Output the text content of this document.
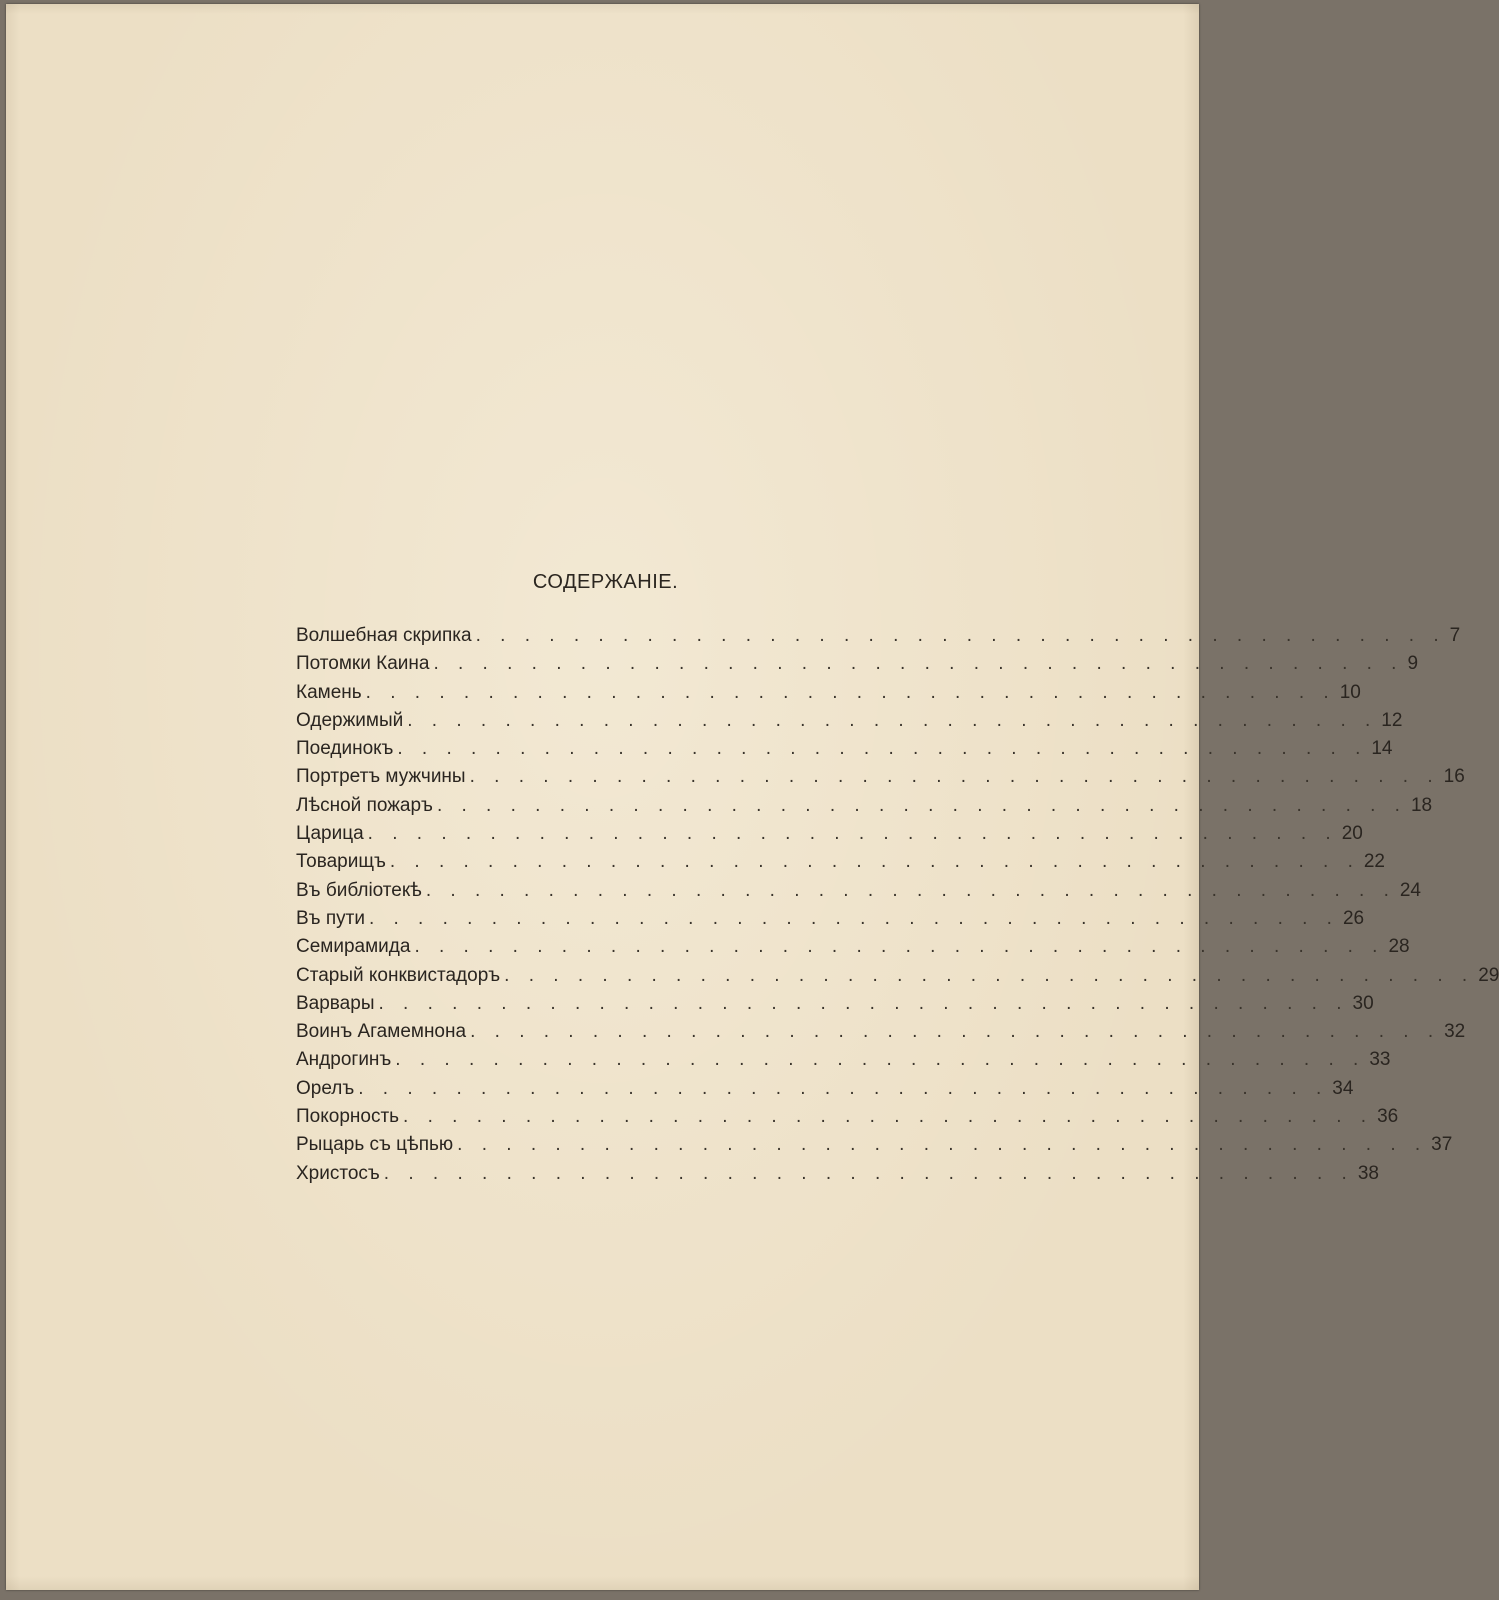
СОДЕРЖАНІЕ.
Волшебная скрипка . . . . . . . . . . . . . . . . . . . . . . . . . . . . . . . . . . . . . . . . 7
Потомки Каина . . . . . . . . . . . . . . . . . . . . . . . . . . . . . . . . . . . . . . . . 9
Камень . . . . . . . . . . . . . . . . . . . . . . . . . . . . . . . . . . . . . . . . 10
Одержимый . . . . . . . . . . . . . . . . . . . . . . . . . . . . . . . . . . . . . . . . 12
Поединокъ . . . . . . . . . . . . . . . . . . . . . . . . . . . . . . . . . . . . . . . . 14
Портретъ мужчины . . . . . . . . . . . . . . . . . . . . . . . . . . . . . . . . . . . . . . . . 16
Лѣсной пожаръ . . . . . . . . . . . . . . . . . . . . . . . . . . . . . . . . . . . . . . . . 18
Царица . . . . . . . . . . . . . . . . . . . . . . . . . . . . . . . . . . . . . . . . 20
Товарищъ . . . . . . . . . . . . . . . . . . . . . . . . . . . . . . . . . . . . . . . . 22
Въ библіотекѣ . . . . . . . . . . . . . . . . . . . . . . . . . . . . . . . . . . . . . . . . 24
Въ пути . . . . . . . . . . . . . . . . . . . . . . . . . . . . . . . . . . . . . . . . 26
Семирамида . . . . . . . . . . . . . . . . . . . . . . . . . . . . . . . . . . . . . . . . 28
Старый конквистадоръ . . . . . . . . . . . . . . . . . . . . . . . . . . . . . . . . . . . . . . . . 29
Варвары . . . . . . . . . . . . . . . . . . . . . . . . . . . . . . . . . . . . . . . . 30
Воинъ Агамемнона . . . . . . . . . . . . . . . . . . . . . . . . . . . . . . . . . . . . . . . . 32
Андрогинъ . . . . . . . . . . . . . . . . . . . . . . . . . . . . . . . . . . . . . . . . 33
Орелъ . . . . . . . . . . . . . . . . . . . . . . . . . . . . . . . . . . . . . . . . 34
Покорность . . . . . . . . . . . . . . . . . . . . . . . . . . . . . . . . . . . . . . . . 36
Рыцарь съ цѣпью . . . . . . . . . . . . . . . . . . . . . . . . . . . . . . . . . . . . . . . . 37
Христосъ . . . . . . . . . . . . . . . . . . . . . . . . . . . . . . . . . . . . . . . . 38
